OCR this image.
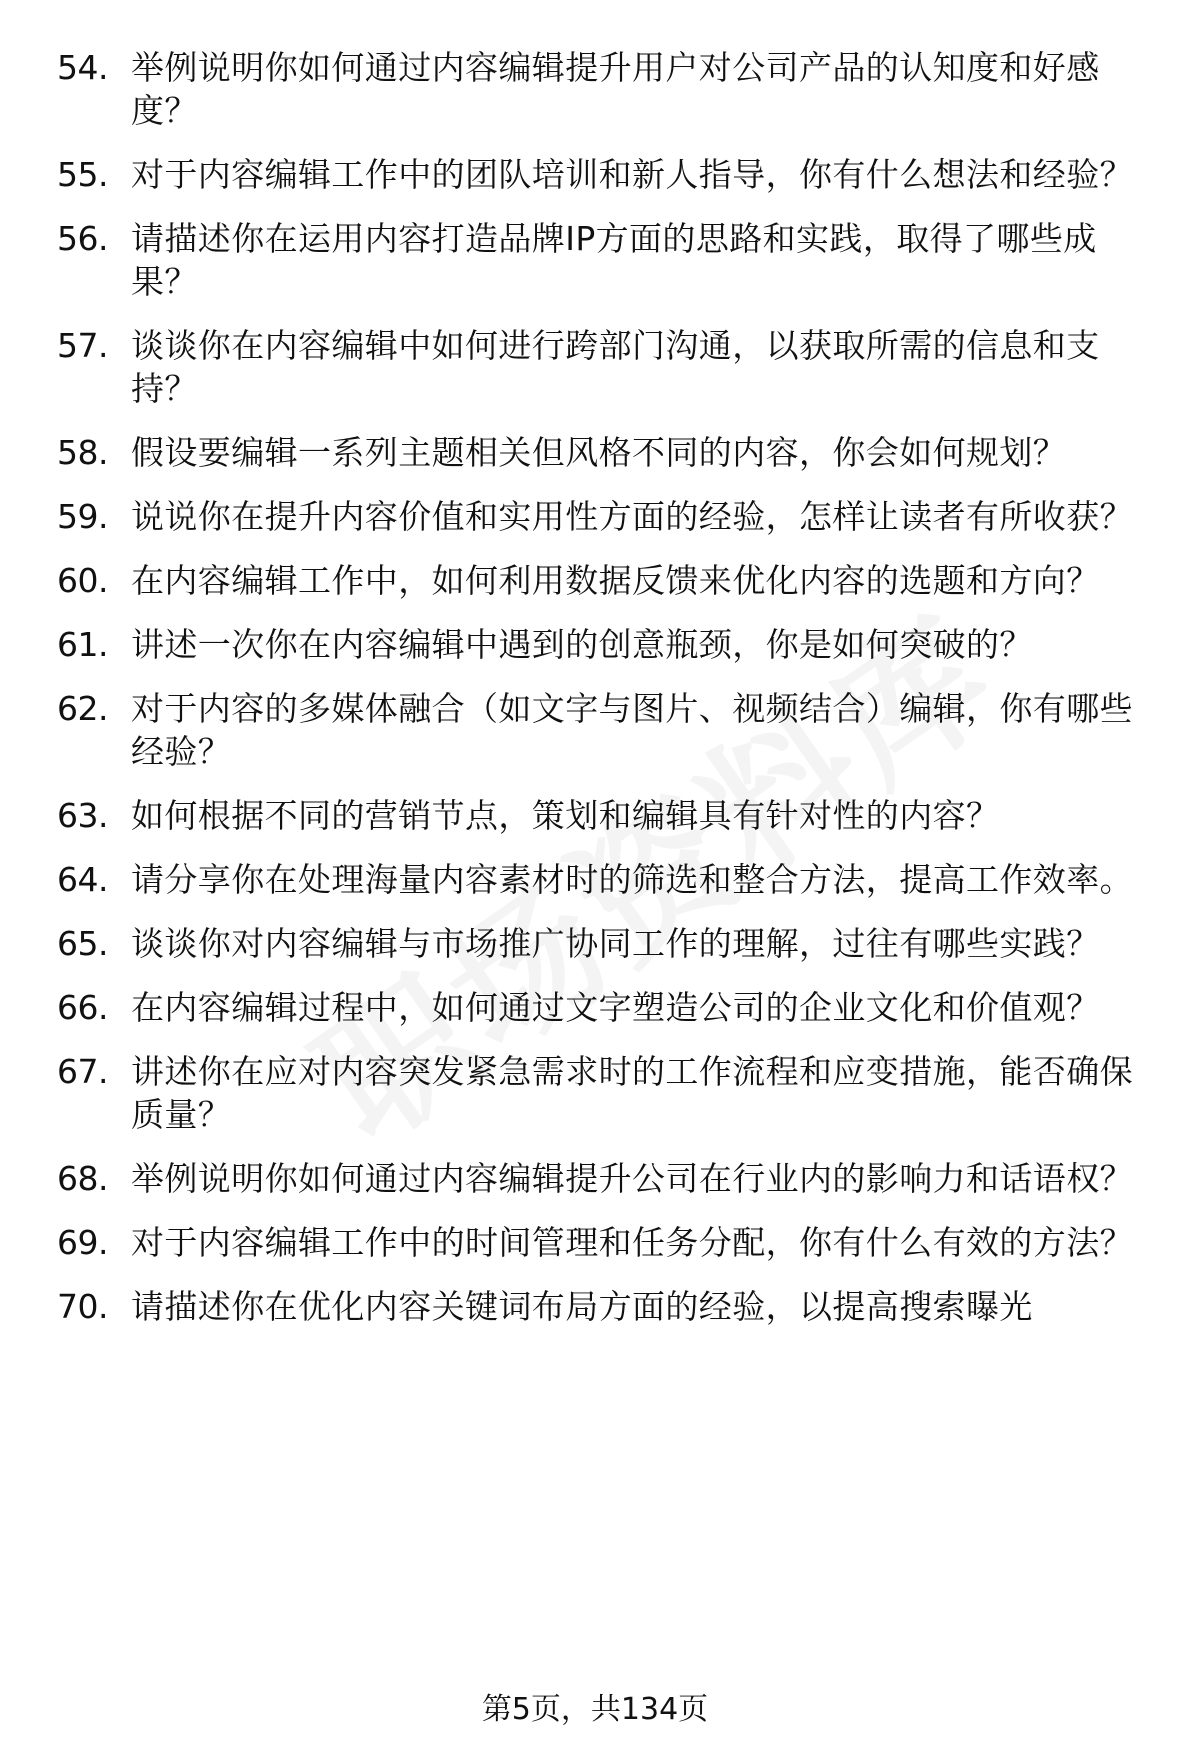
54. 举例说明你如何通过内容编辑提升用户对公司产品的认知度和好感度？
55. 对于内容编辑工作中的团队培训和新人指导，你有什么想法和经验？
56. 请描述你在运用内容打造品牌IP方面的思路和实践，取得了哪些成果？
57. 谈谈你在内容编辑中如何进行跨部门沟通，以获取所需的信息和支持？
58. 假设要编辑一系列主题相关但风格不同的内容，你会如何规划？
59. 说说你在提升内容价值和实用性方面的经验，怎样让读者有所收获？
60. 在内容编辑工作中，如何利用数据反馈来优化内容的选题和方向？
61. 讲述一次你在内容编辑中遇到的创意瓶颈，你是如何突破的？
62. 对于内容的多媒体融合（如文字与图片、视频结合）编辑，你有哪些经验？
63. 如何根据不同的营销节点，策划和编辑具有针对性的内容？
64. 请分享你在处理海量内容素材时的筛选和整合方法，提高工作效率。
65. 谈谈你对内容编辑与市场推广协同工作的理解，过往有哪些实践？
66. 在内容编辑过程中，如何通过文字塑造公司的企业文化和价值观？
67. 讲述你在应对内容突发紧急需求时的工作流程和应变措施，能否确保质量？
68. 举例说明你如何通过内容编辑提升公司在行业内的影响力和话语权？
69. 对于内容编辑工作中的时间管理和任务分配，你有什么有效的方法？
70. 请描述你在优化内容关键词布局方面的经验，以提高搜索曝光
第5页，共134页
